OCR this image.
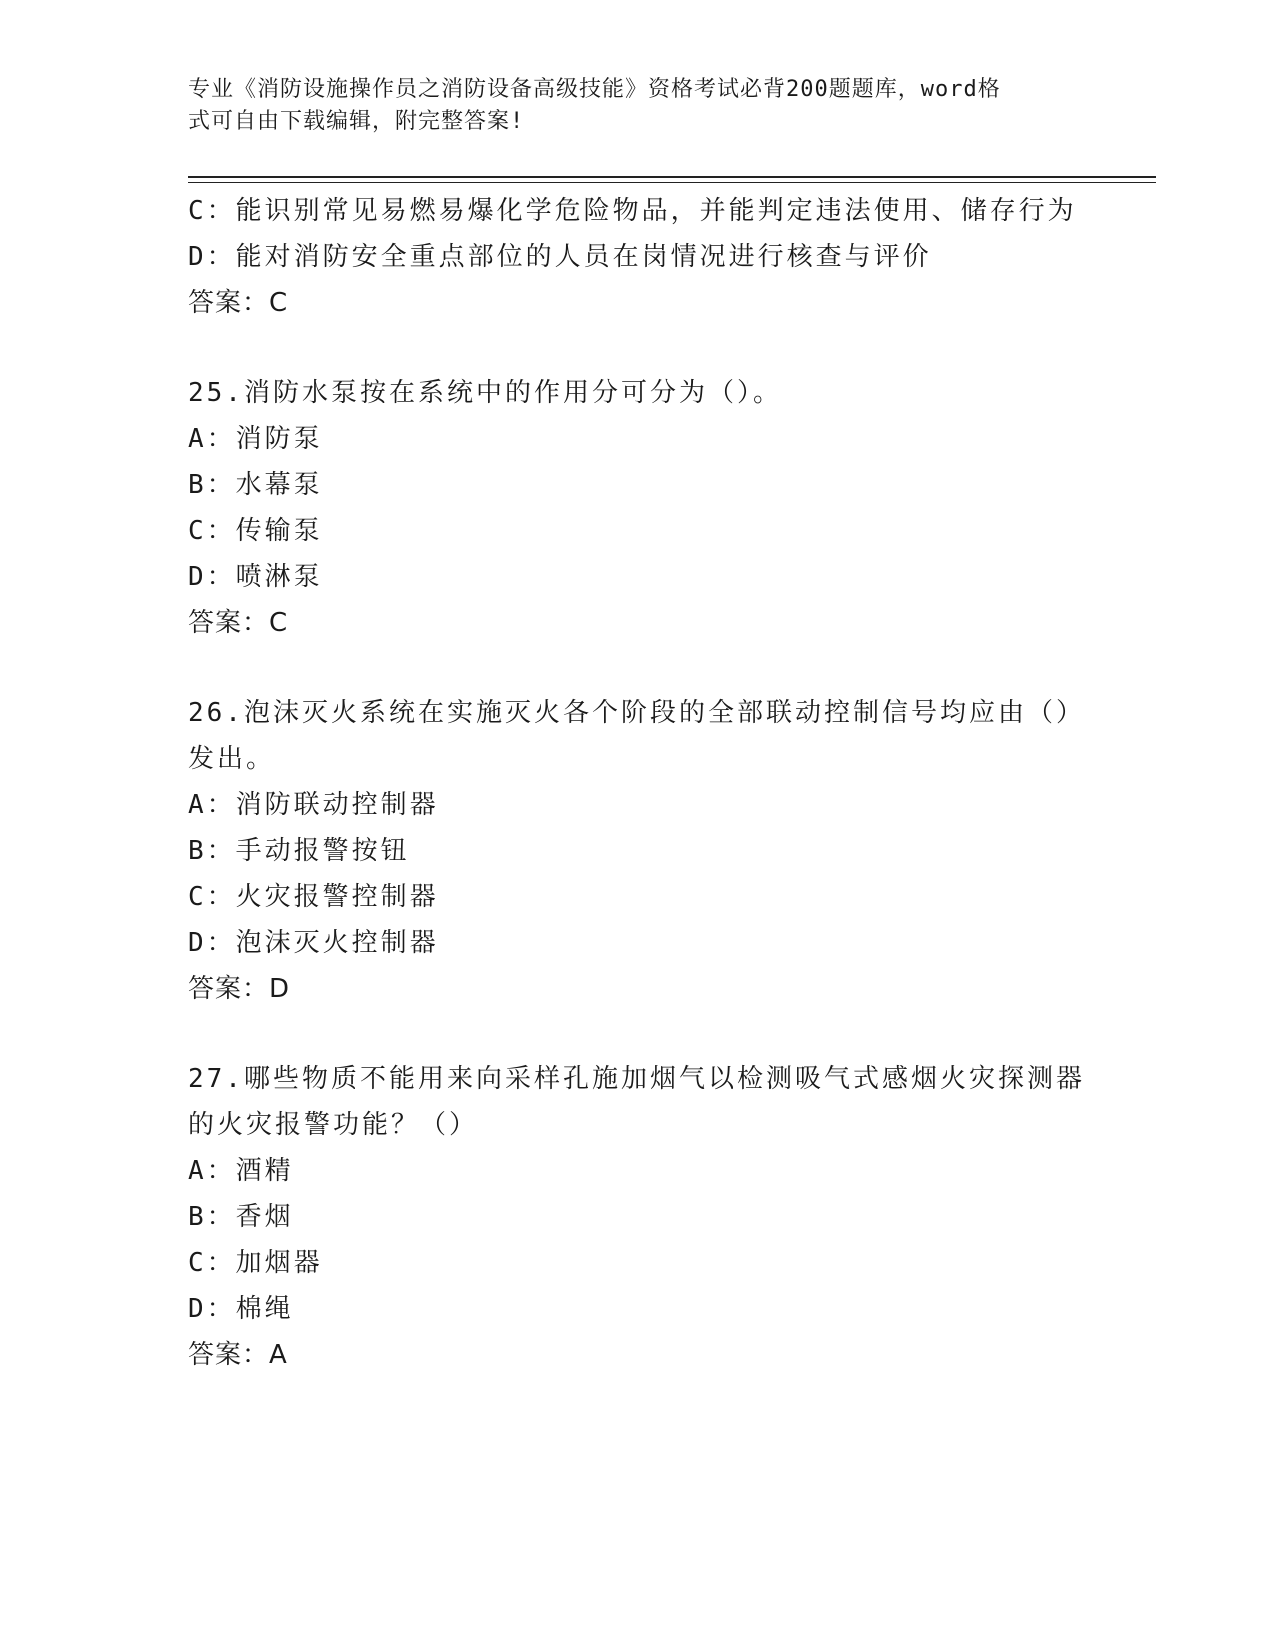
专业《消防设施操作员之消防设备高级技能》资格考试必背200题题库，word格
式可自由下载编辑，附完整答案!
C：能识别常见易燃易爆化学危险物品，并能判定违法使用、储存行为
D：能对消防安全重点部位的人员在岗情况进行核查与评价
答案：C
25.消防水泵按在系统中的作用分可分为（）。
A：消防泵
B：水幕泵
C：传输泵
D：喷淋泵
答案：C
26.泡沫灭火系统在实施灭火各个阶段的全部联动控制信号均应由（）
发出。
A：消防联动控制器
B：手动报警按钮
C：火灾报警控制器
D：泡沫灭火控制器
答案：D
27.哪些物质不能用来向采样孔施加烟气以检测吸气式感烟火灾探测器
的火灾报警功能？（）
A：酒精
B：香烟
C：加烟器
D：棉绳
答案：A
